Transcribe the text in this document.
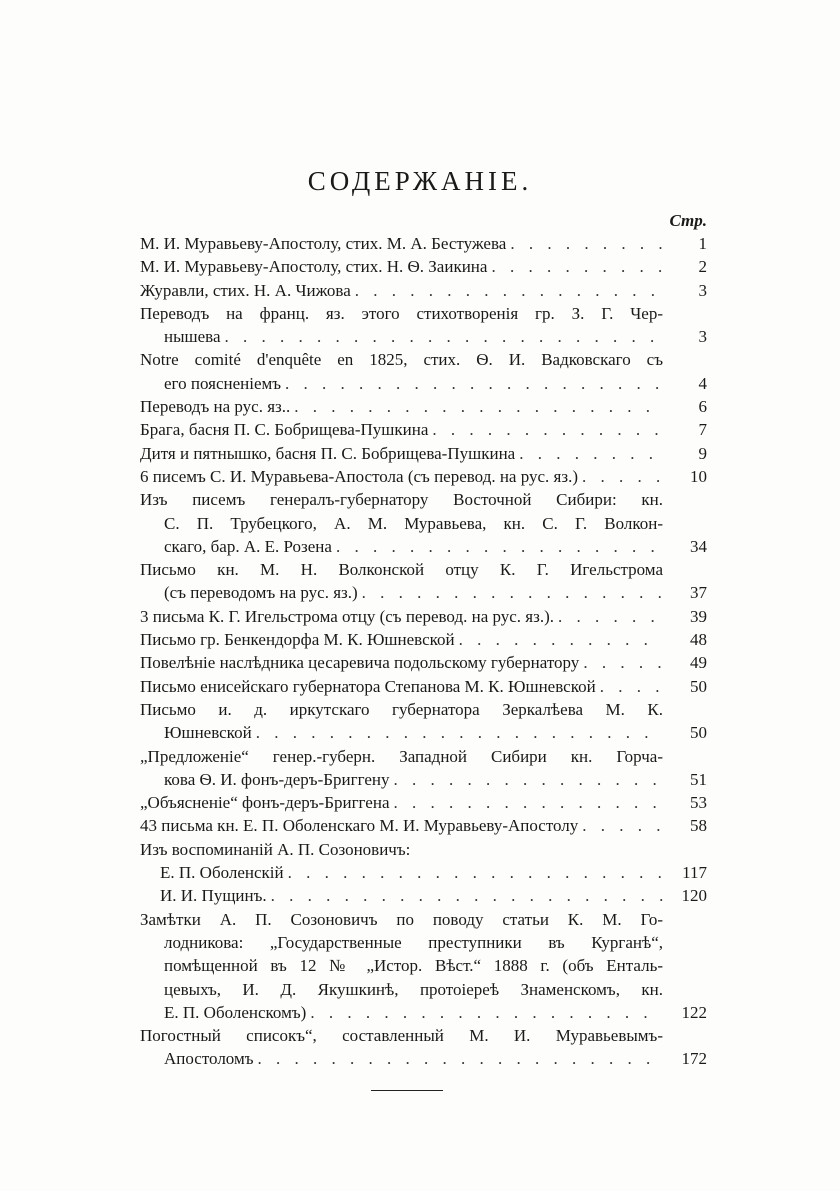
СОДЕРЖАНІЕ.
Стр.
М. И. Муравьеву-Апостолу, стих. М. А. Бестужева . . .	1
М. И. Муравьеву-Апостолу, стих. Н. Ѳ. Заикина . . .	2
Журавли, стих. Н. А. Чижова . . .	3
Переводъ на франц. яз. этого стихотворенія гр. З. Г. Чер-
нышева . . .	3
Notre comité d'enquête en 1825, стих. Ѳ. И. Вадковскаго съ
его поясненіемъ . . .	4
Переводъ на рус. яз.. . . .	6
Брага, басня П. С. Бобрищева-Пушкина . . .	7
Дитя и пятнышко, басня П. С. Бобрищева-Пушкина . . .	9
6 писемъ С. И. Муравьева-Апостола (съ перевод. на рус. яз.) . . .	10
Изъ писемъ генералъ-губернатору Восточной Сибири: кн.
С. П. Трубецкого, А. М. Муравьева, кн. С. Г. Волкон-
скаго, бар. А. Е. Розена . . .	34
Письмо кн. М. Н. Волконской отцу К. Г. Игельстрома
(съ переводомъ на рус. яз.) . . .	37
3 письма К. Г. Игельстрома отцу (съ перевод. на рус. яз.). . . .	39
Письмо гр. Бенкендорфа М. К. Юшневской . . .	48
Повелѣніе наслѣдника цесаревича подольскому губернатору . . .	49
Письмо енисейскаго губернатора Степанова М. К. Юшневской . . .	50
Письмо и. д. иркутскаго губернатора Зеркалѣева М. К.
Юшневской . . .	50
„Предложеніе“ генер.-губерн. Западной Сибири кн. Горча-
кова Ѳ. И. фонъ-деръ-Бриггену . . .	51
„Объясненіе“ фонъ-деръ-Бриггена . . .	53
43 письма кн. Е. П. Оболенскаго М. И. Муравьеву-Апостолу . . .	58
Изъ воспоминаній А. П. Созоновичъ:
Е. П. Оболенскій . . .	117
И. И. Пущинъ. . . .	120
Замѣтки А. П. Созоновичъ по поводу статьи К. М. Го-
лодникова: „Государственные преступники въ Курганѣ“,
помѣщенной въ 12 № „Истор. Вѣст.“ 1888 г. (объ Енталь-
цевыхъ, И. Д. Якушкинѣ, протоіереѣ Знаменскомъ, кн.
Е. П. Оболенскомъ) . . .	122
Погостный списокъ“, составленный М. И. Муравьевымъ-
Апостоломъ . . .	172
